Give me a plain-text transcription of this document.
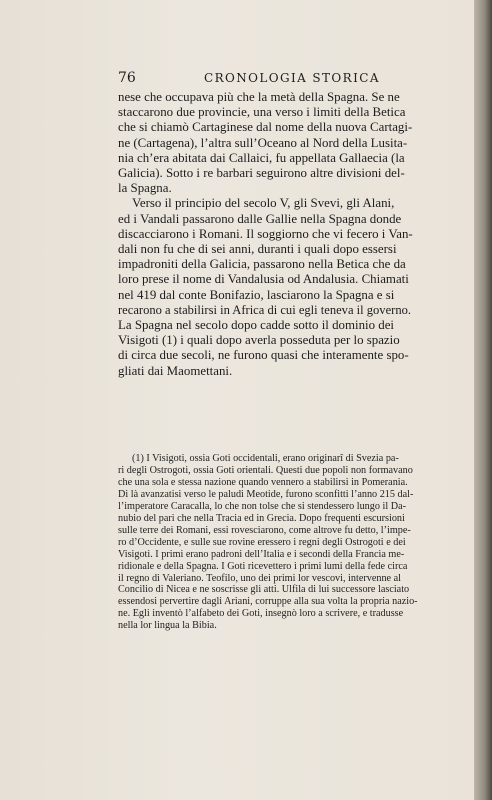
76	CRONOLOGIA STORICA
nese che occupava più che la metà della Spagna. Se ne
staccarono due provincie, una verso i limiti della Betica
che si chiamò Cartaginese dal nome della nuova Cartagi-
ne (Cartagena), l’altra sull’Oceano al Nord della Lusita-
nia ch’era abitata dai Callaici, fu appellata Gallaecia (la
Galicia). Sotto i re barbari seguirono altre divisioni del-
la Spagna.
Verso il principio del secolo V, gli Svevi, gli Alani,
ed i Vandali passarono dalle Gallie nella Spagna donde
discacciarono i Romani. Il soggiorno che vi fecero i Van-
dali non fu che di sei anni, duranti i quali dopo essersi
impadroniti della Galicia, passarono nella Betica che da
loro prese il nome di Vandalusia od Andalusia. Chiamati
nel 419 dal conte Bonifazio, lasciarono la Spagna e si
recarono a stabilirsi in Africa di cui egli teneva il governo.
La Spagna nel secolo dopo cadde sotto il dominio dei
Visigoti (1) i quali dopo averla posseduta per lo spazio
di circa due secoli, ne furono quasi che interamente spo-
gliati dai Maomettani.
(1) I Visigoti, ossia Goti occidentali, erano originarî di Svezia pa-
ri degli Ostrogoti, ossia Goti orientali. Questi due popoli non formavano
che una sola e stessa nazione quando vennero a stabilirsi in Pomerania.
Di là avanzatisi verso le paludi Meotide, furono sconfitti l’anno 215 dal-
l’imperatore Caracalla, lo che non tolse che si stendessero lungo il Da-
nubio del pari che nella Tracia ed in Grecia. Dopo frequenti escursioni
sulle terre dei Romani, essi rovesciarono, come altrove fu detto, l’impe-
ro d’Occidente, e sulle sue rovine eressero i regni degli Ostrogoti e dei
Visigoti. I primi erano padroni dell’Italia e i secondi della Francia me-
ridionale e della Spagna. I Goti ricevettero i primi lumi della fede circa
il regno di Valeriano. Teofilo, uno dei primi lor vescovi, intervenne al
Concilio di Nicea e ne soscrisse gli atti. Ulfila di lui successore lasciato
essendosi pervertire dagli Ariani, corruppe alla sua volta la propria nazio-
ne. Egli inventò l’alfabeto dei Goti, insegnò loro a scrivere, e tradusse
nella lor lingua la Bibia.
